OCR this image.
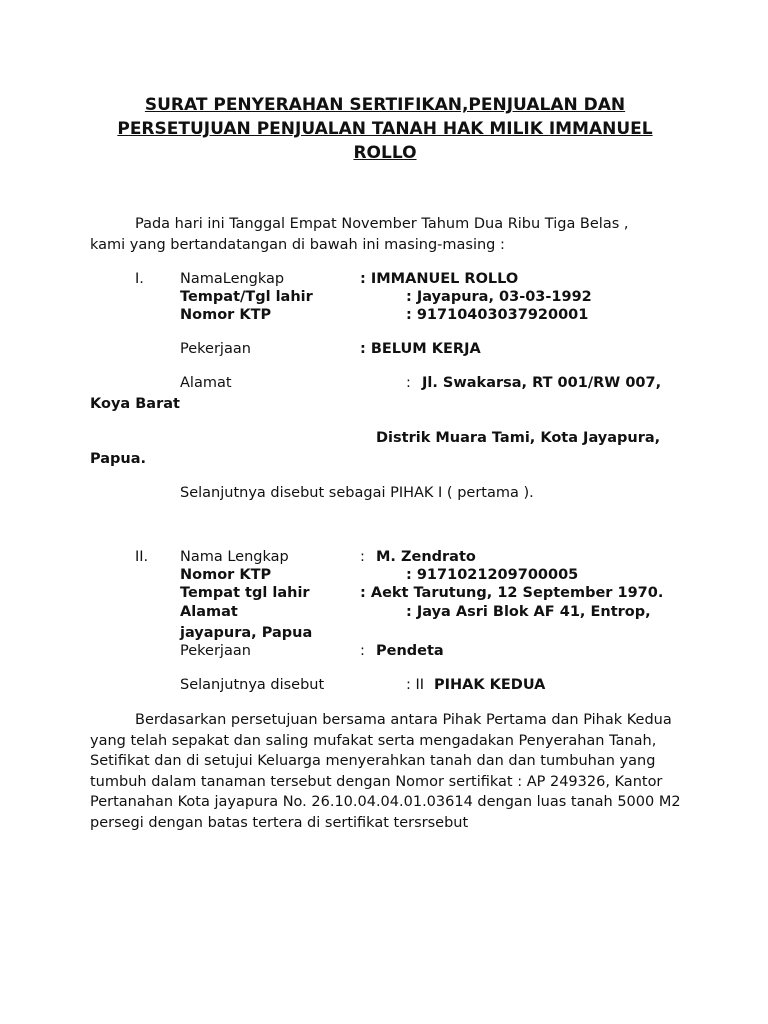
SURAT PENYERAHAN SERTIFIKAN,PENJUALAN DAN
PERSETUJUAN PENJUALAN TANAH HAK MILIK IMMANUEL
ROLLO
Pada hari ini Tanggal Empat November Tahum Dua Ribu Tiga Belas ,
kami yang bertandatangan di bawah ini masing-masing :
I. NamaLengkap	: IMMANUEL ROLLO
Tempat/Tgl lahir	: Jayapura, 03-03-1992
Nomor KTP	: 91710403037920001
Pekerjaan	: BELUM KERJA
Alamat	: Jl. Swakarsa, RT 001/RW 007,
Koya Barat
Distrik Muara Tami, Kota Jayapura,
Papua.
Selanjutnya disebut sebagai PIHAK I ( pertama ).
II. Nama Lengkap	: M. Zendrato
Nomor KTP	: 9171021209700005
Tempat tgl lahir	: Aekt Tarutung, 12 September 1970.
Alamat	: Jaya Asri Blok AF 41, Entrop,
jayapura, Papua
Pekerjaan	: Pendeta
Selanjutnya disebut	: II PIHAK KEDUA
Berdasarkan persetujuan bersama antara Pihak Pertama dan Pihak Kedua yang telah sepakat dan saling mufakat serta mengadakan Penyerahan Tanah, Setifikat dan di setujui Keluarga menyerahkan tanah dan dan tumbuhan yang tumbuh dalam tanaman tersebut dengan Nomor sertifikat : AP 249326, Kantor Pertanahan Kota jayapura No. 26.10.04.04.01.03614 dengan luas tanah 5000 M2 persegi dengan batas tertera di sertifikat tersrsebut
